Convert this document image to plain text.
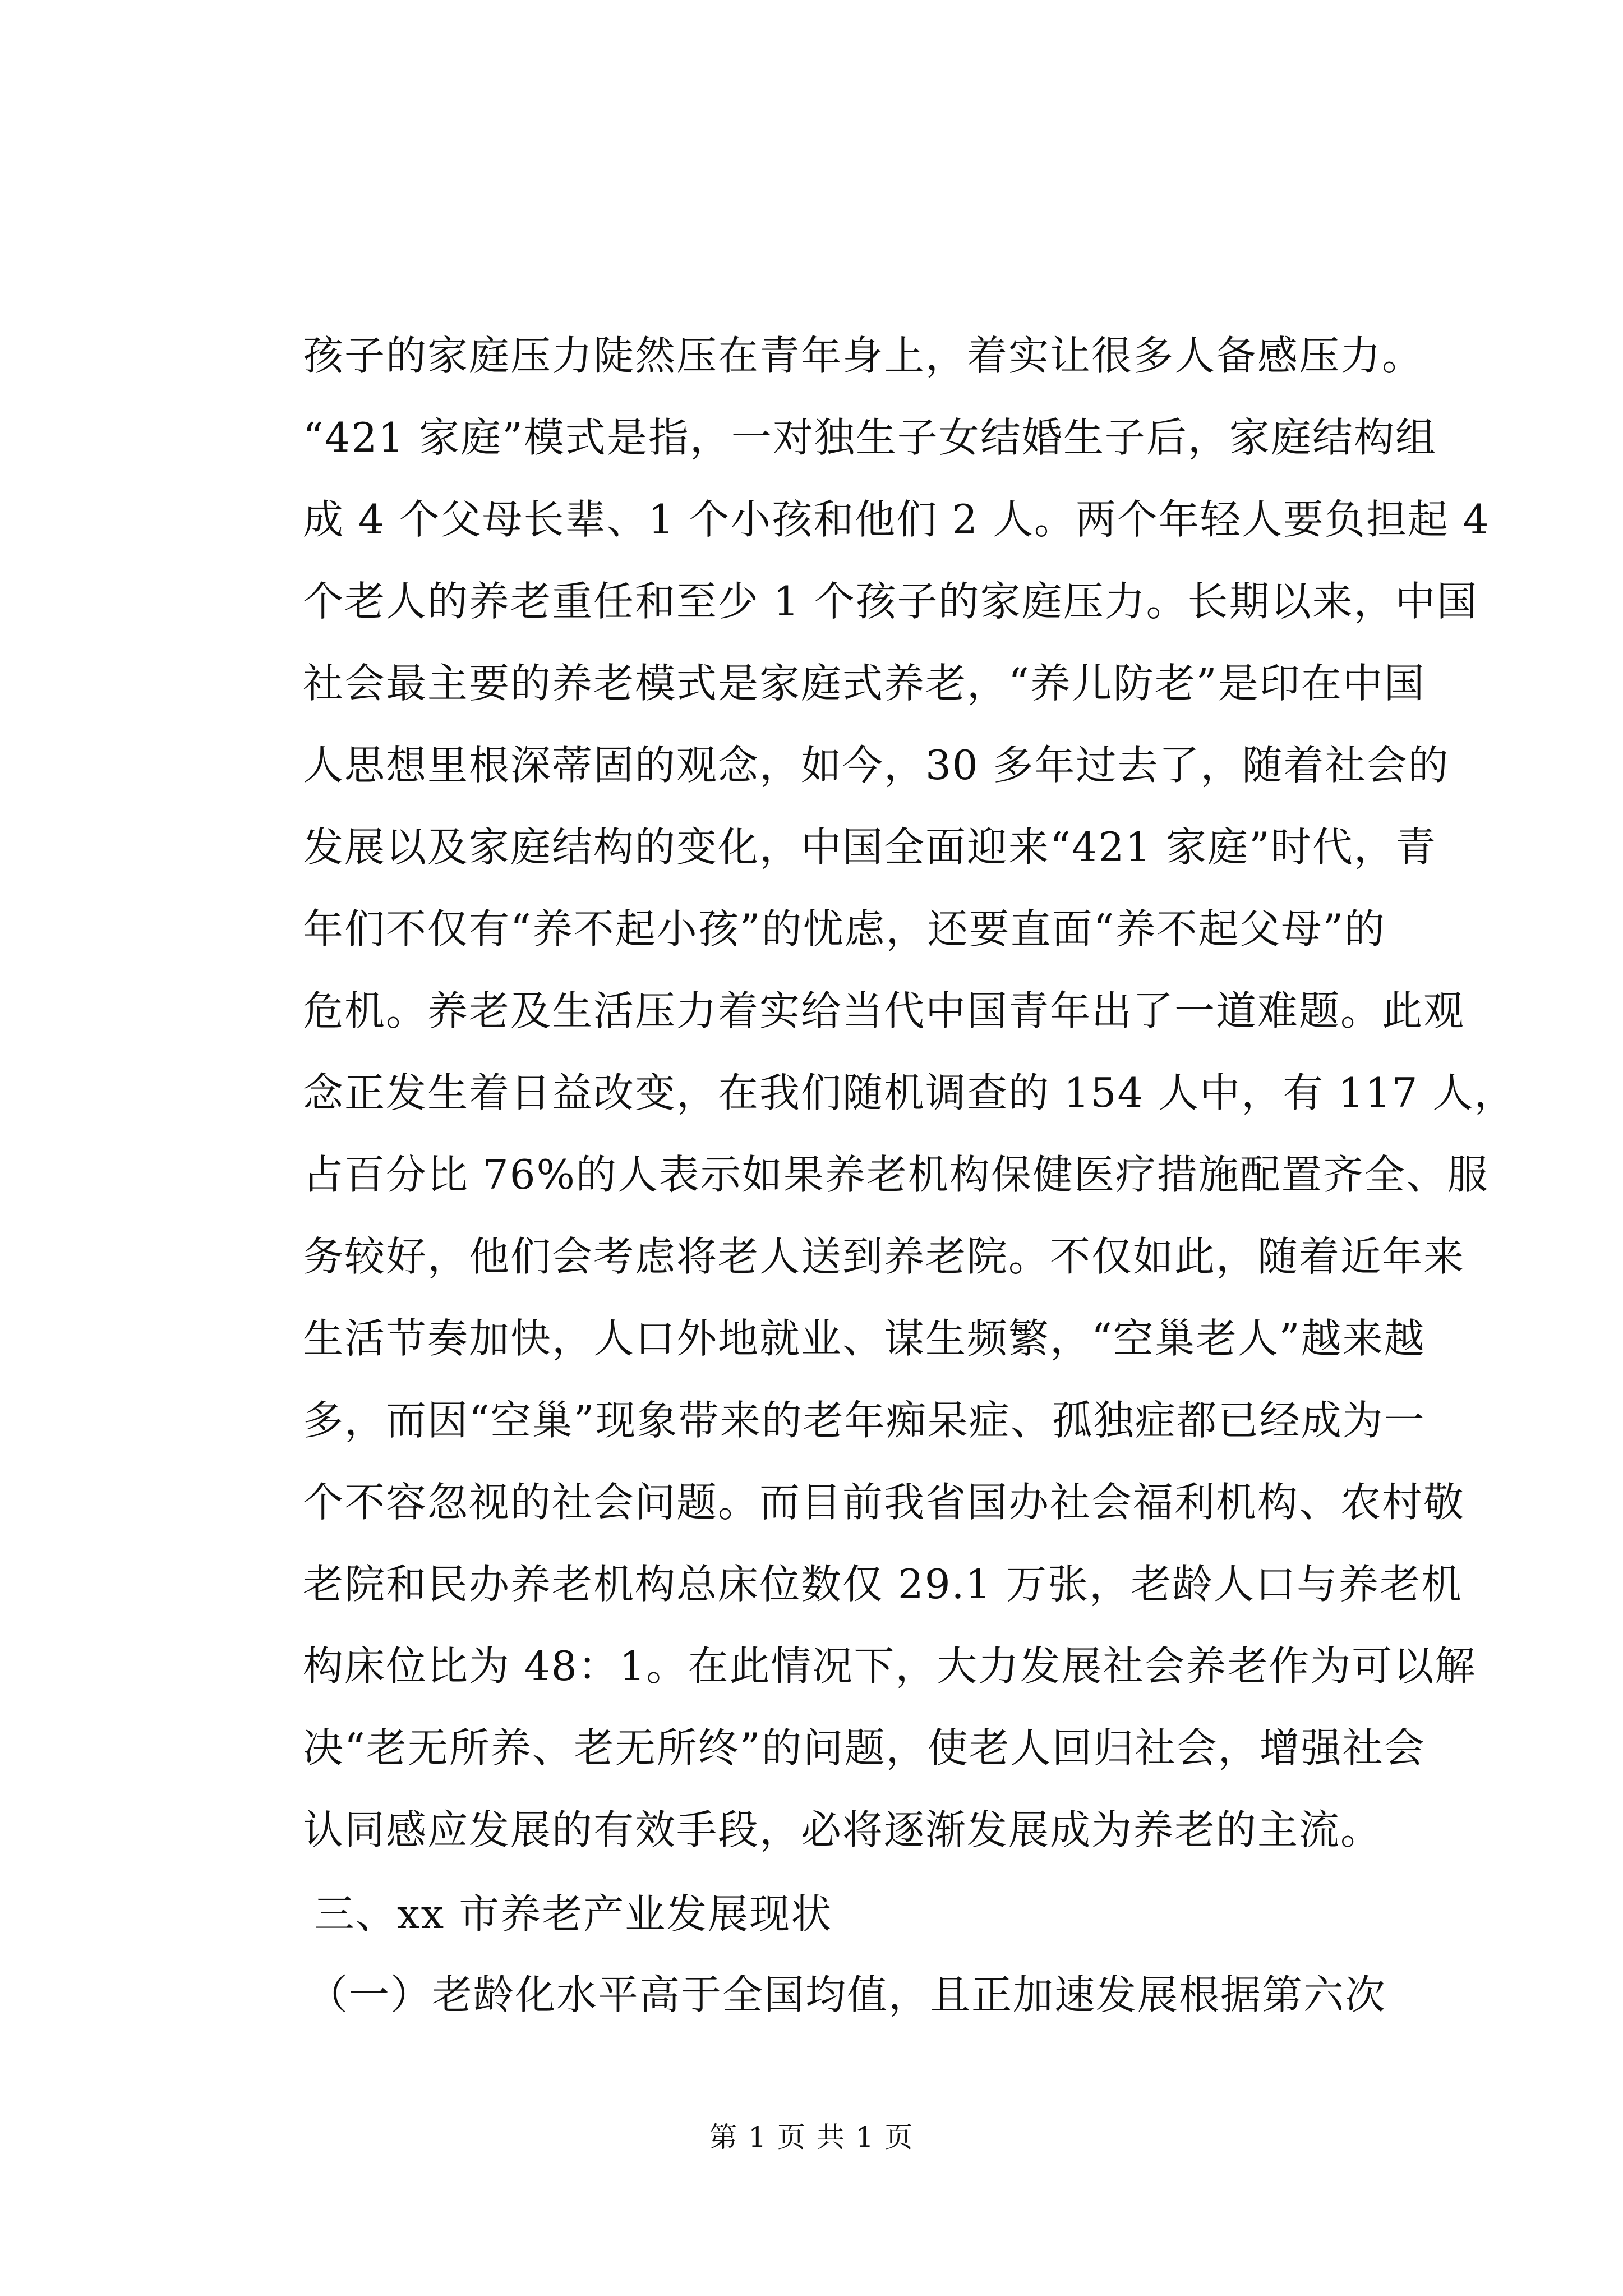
孩子的家庭压力陡然压在青年身上，着实让很多人备感压力。
“421 家庭”模式是指，一对独生子女结婚生子后，家庭结构组
成 4 个父母长辈、1 个小孩和他们 2 人。两个年轻人要负担起 4
个老人的养老重任和至少 1 个孩子的家庭压力。长期以来，中国
社会最主要的养老模式是家庭式养老，“养儿防老”是印在中国
人思想里根深蒂固的观念，如今，30 多年过去了，随着社会的
发展以及家庭结构的变化，中国全面迎来“421 家庭”时代，青
年们不仅有“养不起小孩”的忧虑，还要直面“养不起父母”的
危机。养老及生活压力着实给当代中国青年出了一道难题。此观
念正发生着日益改变，在我们随机调查的 154 人中，有 117 人，
占百分比 76%的人表示如果养老机构保健医疗措施配置齐全、服
务较好，他们会考虑将老人送到养老院。不仅如此，随着近年来
生活节奏加快，人口外地就业、谋生频繁，“空巢老人”越来越
多，而因“空巢”现象带来的老年痴呆症、孤独症都已经成为一
个不容忽视的社会问题。而目前我省国办社会福利机构、农村敬
老院和民办养老机构总床位数仅 29.1 万张，老龄人口与养老机
构床位比为 48：1。在此情况下，大力发展社会养老作为可以解
决“老无所养、老无所终”的问题，使老人回归社会，增强社会
认同感应发展的有效手段，必将逐渐发展成为养老的主流。
三、xx 市养老产业发展现状
（一）老龄化水平高于全国均值，且正加速发展根据第六次
第 1 页 共 1 页
